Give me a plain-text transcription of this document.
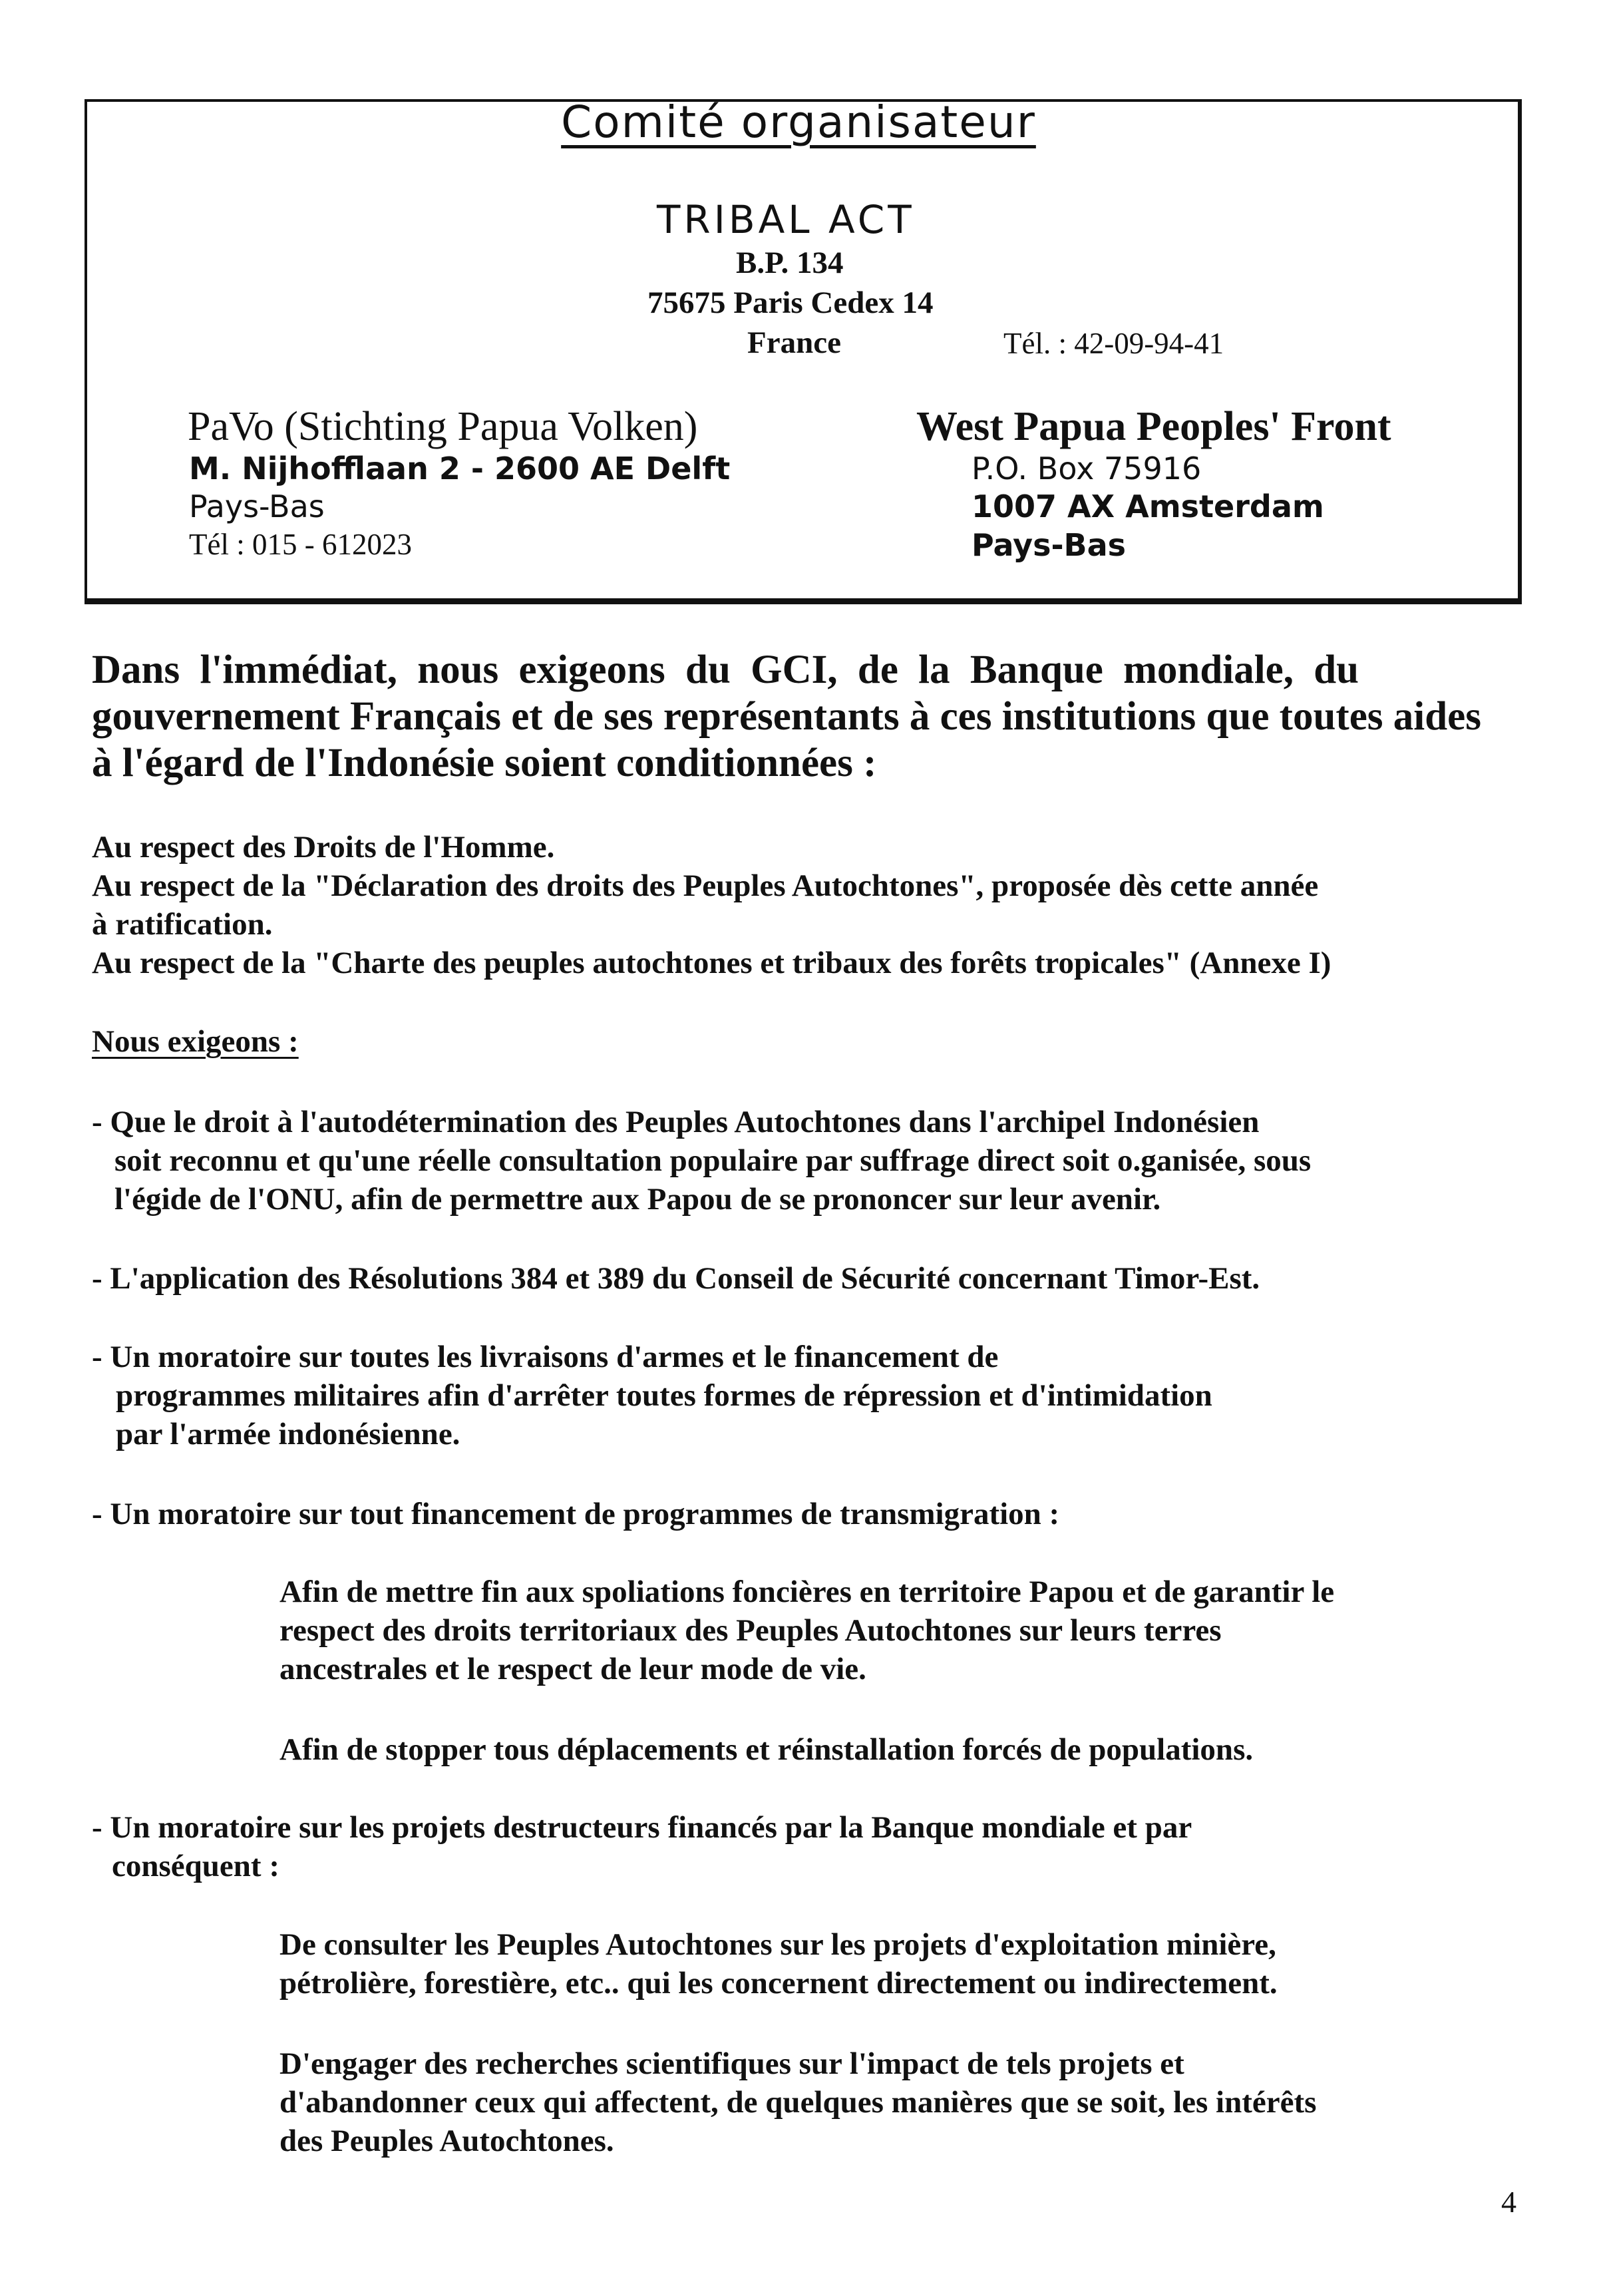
Comité organisateur
TRIBAL ACT
B.P. 134
75675 Paris Cedex 14
France	Tél. : 42-09-94-41
PaVo (Stichting Papua Volken)
M. Nijhofflaan 2 - 2600 AE Delft
Pays-Bas
Tél : 015 - 612023
West Papua Peoples' Front
P.O. Box 75916
1007 AX Amsterdam
Pays-Bas
Dans l'immédiat, nous exigeons du GCI, de la Banque mondiale, du
gouvernement Français et de ses représentants à ces institutions que toutes aides
à l'égard de l'Indonésie soient conditionnées :
Au respect des Droits de l'Homme.
Au respect de la "Déclaration des droits des Peuples Autochtones", proposée dès cette année
à ratification.
Au respect de la "Charte des peuples autochtones et tribaux des forêts tropicales" (Annexe I)
Nous exigeons :
- Que le droit à l'autodétermination des Peuples Autochtones dans l'archipel Indonésien
soit reconnu et qu'une réelle consultation populaire par suffrage direct soit o.ganisée, sous
l'égide de l'ONU, afin de permettre aux Papou de se prononcer sur leur avenir.
- L'application des Résolutions 384 et 389 du Conseil de Sécurité concernant Timor-Est.
- Un moratoire sur toutes les livraisons d'armes et le financement de
programmes militaires afin d'arrêter toutes formes de répression et d'intimidation
par l'armée indonésienne.
- Un moratoire sur tout financement de programmes de transmigration :
Afin de mettre fin aux spoliations foncières en territoire Papou et de garantir le
respect des droits territoriaux des Peuples Autochtones sur leurs terres
ancestrales et le respect de leur mode de vie.
Afin de stopper tous déplacements et réinstallation forcés de populations.
- Un moratoire sur les projets destructeurs financés par la Banque mondiale et par
conséquent :
De consulter les Peuples Autochtones sur les projets d'exploitation minière,
pétrolière, forestière, etc.. qui les concernent directement ou indirectement.
D'engager des recherches scientifiques sur l'impact de tels projets et
d'abandonner ceux qui affectent, de quelques manières que se soit, les intérêts
des Peuples Autochtones.
4
